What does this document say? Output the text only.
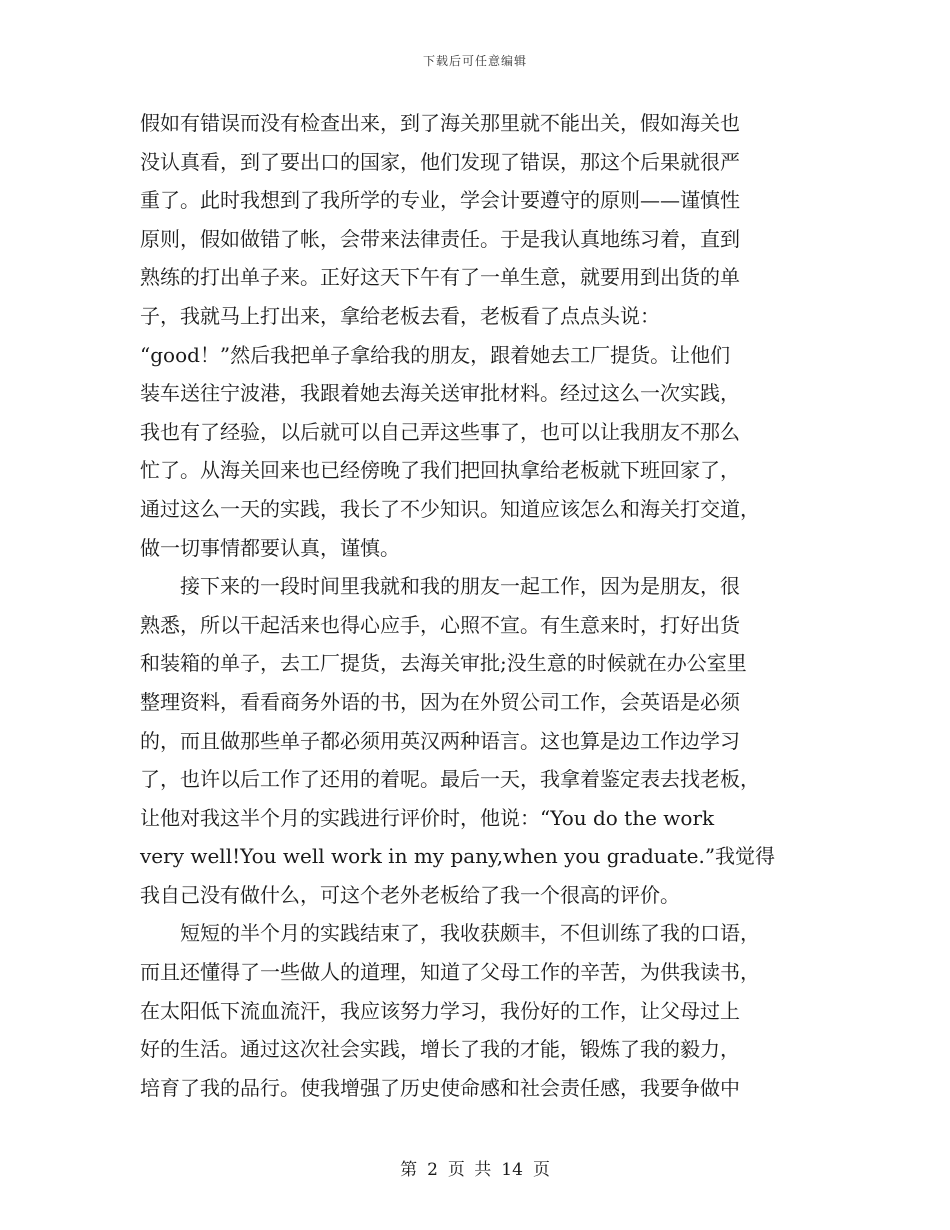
下载后可任意编辑
假如有错误而没有检查出来，到了海关那里就不能出关，假如海关也
没认真看，到了要出口的国家，他们发现了错误，那这个后果就很严
重了。此时我想到了我所学的专业，学会计要遵守的原则——谨慎性
原则，假如做错了帐，会带来法律责任。于是我认真地练习着，直到
熟练的打出单子来。正好这天下午有了一单生意，就要用到出货的单
子，我就马上打出来，拿给老板去看，老板看了点点头说：
“good！”然后我把单子拿给我的朋友，跟着她去工厂提货。让他们
装车送往宁波港，我跟着她去海关送审批材料。经过这么一次实践，
我也有了经验，以后就可以自己弄这些事了，也可以让我朋友不那么
忙了。从海关回来也已经傍晚了我们把回执拿给老板就下班回家了，
通过这么一天的实践，我长了不少知识。知道应该怎么和海关打交道，
做一切事情都要认真，谨慎。
　　接下来的一段时间里我就和我的朋友一起工作，因为是朋友，很
熟悉，所以干起活来也得心应手，心照不宣。有生意来时，打好出货
和装箱的单子，去工厂提货，去海关审批;没生意的时候就在办公室里
整理资料，看看商务外语的书，因为在外贸公司工作，会英语是必须
的，而且做那些单子都必须用英汉两种语言。这也算是边工作边学习
了，也许以后工作了还用的着呢。最后一天，我拿着鉴定表去找老板，
让他对我这半个月的实践进行评价时，他说：“You do the work
very well!You well work in my pany,when you graduate.”我觉得
我自己没有做什么，可这个老外老板给了我一个很高的评价。
　　短短的半个月的实践结束了，我收获颇丰，不但训练了我的口语，
而且还懂得了一些做人的道理，知道了父母工作的辛苦，为供我读书，
在太阳低下流血流汗，我应该努力学习，我份好的工作，让父母过上
好的生活。通过这次社会实践，增长了我的才能，锻炼了我的毅力，
培育了我的品行。使我增强了历史使命感和社会责任感，我要争做中
第 2 页 共 14 页
